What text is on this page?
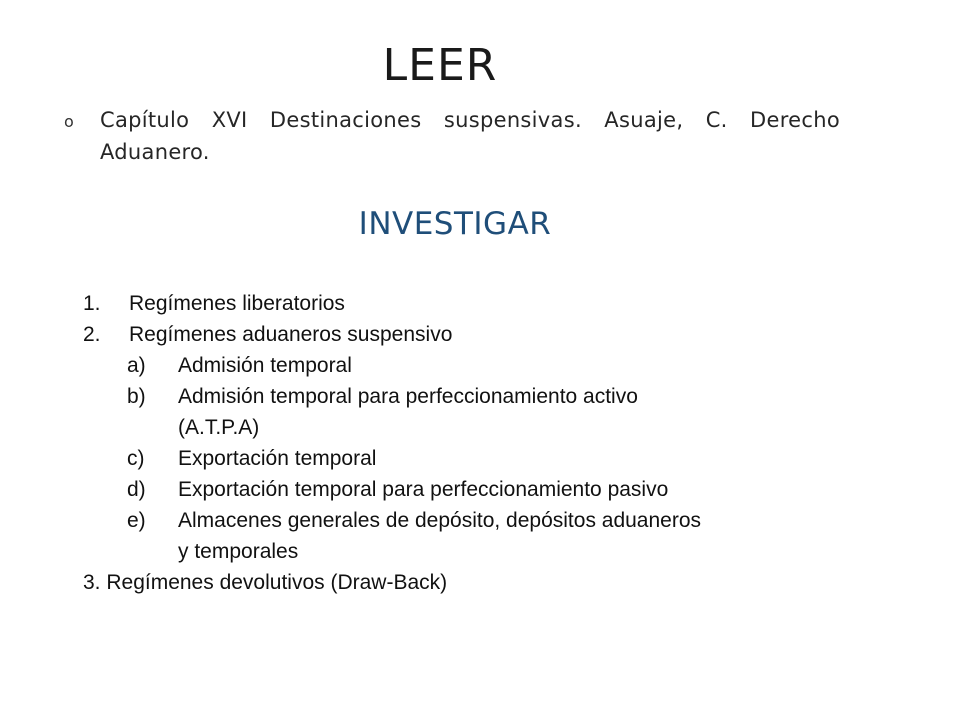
LEER
o Capítulo XVI Destinaciones suspensivas. Asuaje, C. Derecho Aduanero.
INVESTIGAR
1.	Regímenes liberatorios
2.	Regímenes aduaneros suspensivo
a)	Admisión temporal
b)	Admisión temporal para perfeccionamiento activo
(A.T.P.A)
c)	Exportación temporal
d)	Exportación temporal para perfeccionamiento pasivo
e)	Almacenes generales de depósito, depósitos aduaneros
y temporales
3. Regímenes devolutivos (Draw-Back)
